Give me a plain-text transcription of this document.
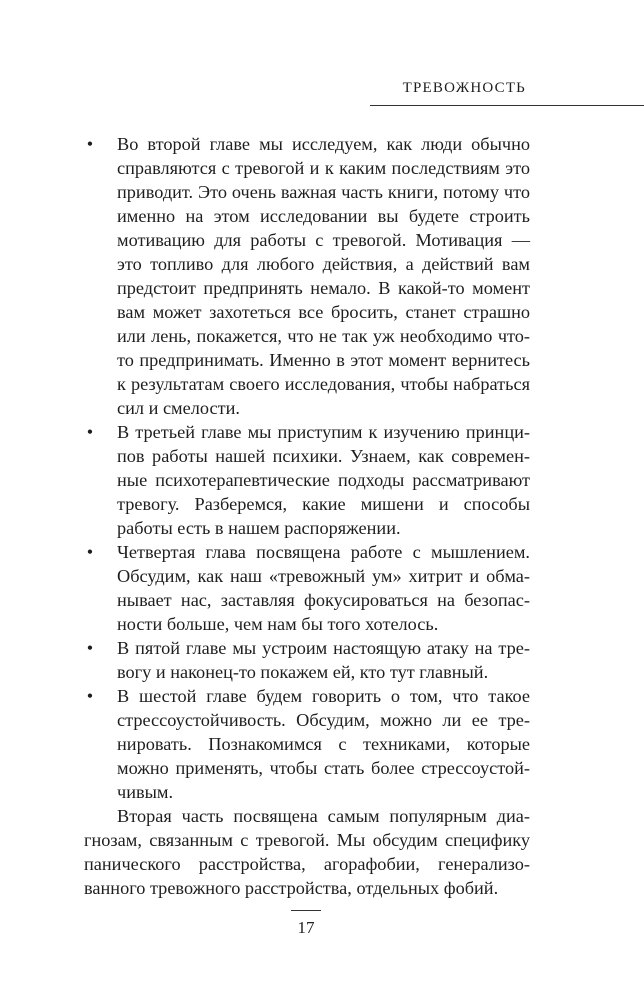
ТРЕВОЖНОСТЬ
• Во второй главе мы исследуем, как люди обычно справляются с тревогой и к каким последствиям это приводит. Это очень важная часть книги, потому что именно на этом исследовании вы будете строить мотивацию для работы с тревогой. Мотивация — это топливо для любого действия, а действий вам предстоит предпринять немало. В какой-то момент вам может захотеться все бросить, станет страшно или лень, покажется, что не так уж необходимо что-то предпринимать. Именно в этот момент вернитесь к результатам своего исследования, чтобы набраться сил и смелости.
• В третьей главе мы приступим к изучению принципов работы нашей психики. Узнаем, как современные психотерапевтические подходы рассматривают тревогу. Разберемся, какие мишени и способы работы есть в нашем распоряжении.
• Четвертая глава посвящена работе с мышлением. Обсудим, как наш «тревожный ум» хитрит и обманывает нас, заставляя фокусироваться на безопасности больше, чем нам бы того хотелось.
• В пятой главе мы устроим настоящую атаку на тревогу и наконец-то покажем ей, кто тут главный.
• В шестой главе будем говорить о том, что такое стрессоустойчивость. Обсудим, можно ли ее тренировать. Познакомимся с техниками, которые можно применять, чтобы стать более стрессоустойчивым.

Вторая часть посвящена самым популярным диагнозам, связанным с тревогой. Мы обсудим специфику панического расстройства, агорафобии, генерализованного тревожного расстройства, отдельных фобий.

17
